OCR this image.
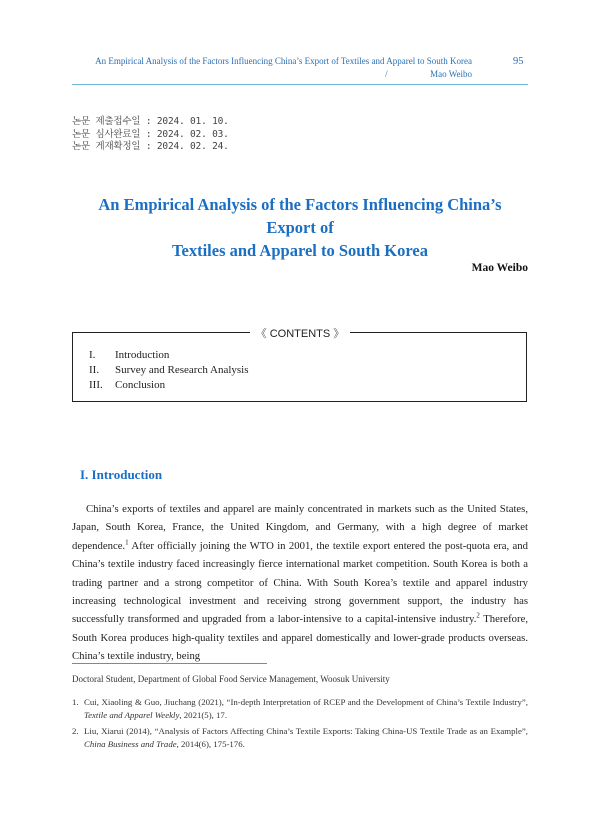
An Empirical Analysis of the Factors Influencing China’s Export of Textiles and Apparel to South Korea
/	Mao Weibo
95
논문 제출접수일 : 2024. 01. 10.
논문 심사완료일 : 2024. 02. 03.
논문 게재확정일 : 2024. 02. 24.
An Empirical Analysis of the Factors Influencing China’s Export of
Textiles and Apparel to South Korea
Mao Weibo
《 CONTENTS 》
I.	Introduction
II.	Survey and Research Analysis
III.	Conclusion
I. Introduction
China’s exports of textiles and apparel are mainly concentrated in markets such as the United States, Japan, South Korea, France, the United Kingdom, and Germany, with a high degree of market dependence.$^1$ After officially joining the WTO in 2001, the textile export entered the post-quota era, and China’s textile industry faced increasingly fierce international market competition. South Korea is both a trading partner and a strong competitor of China. With South Korea’s textile and apparel industry increasing technological investment and receiving strong government support, the industry has successfully transformed and upgraded from a labor-intensive to a capital-intensive industry.$^2$ Therefore, South Korea produces high-quality textiles and apparel domestically and lower-grade products overseas. China’s textile industry, being
Doctoral Student, Department of Global Food Service Management, Woosuk University
1. Cui, Xiaoling & Guo, Jiuchang (2021), “In-depth Interpretation of RCEP and the Development of China’s Textile Industry”, Textile and Apparel Weekly, 2021(5), 17.
2. Liu, Xiarui (2014), “Analysis of Factors Affecting China’s Textile Exports: Taking China-US Textile Trade as an Example”, China Business and Trade, 2014(6), 175-176.
